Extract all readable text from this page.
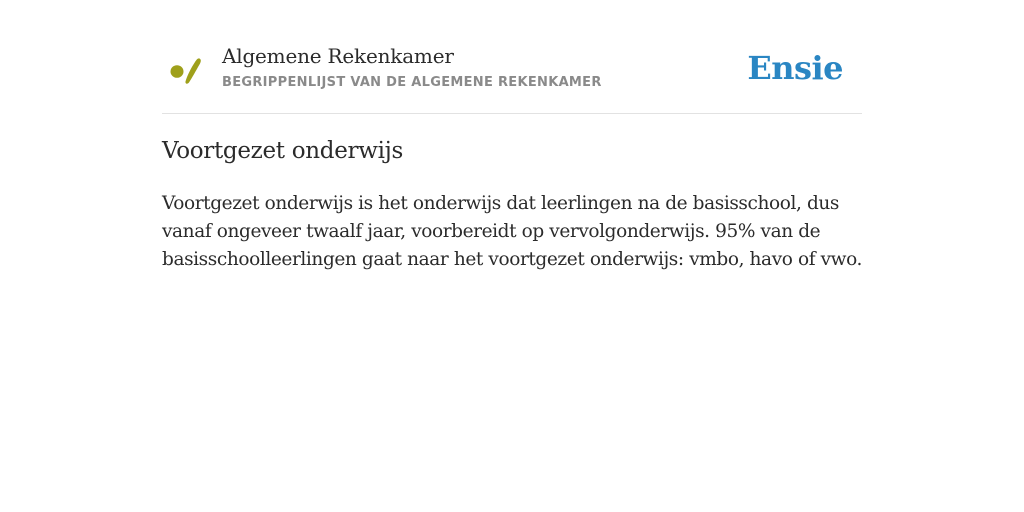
Algemene Rekenkamer
BEGRIPPENLIJST VAN DE ALGEMENE REKENKAMER	Ensie
Voortgezet onderwijs

Voortgezet onderwijs is het onderwijs dat leerlingen na de basisschool, dus vanaf ongeveer twaalf jaar, voorbereidt op vervolgonderwijs. 95% van de basisschoolleerlingen gaat naar het voortgezet onderwijs: vmbo, havo of vwo.
